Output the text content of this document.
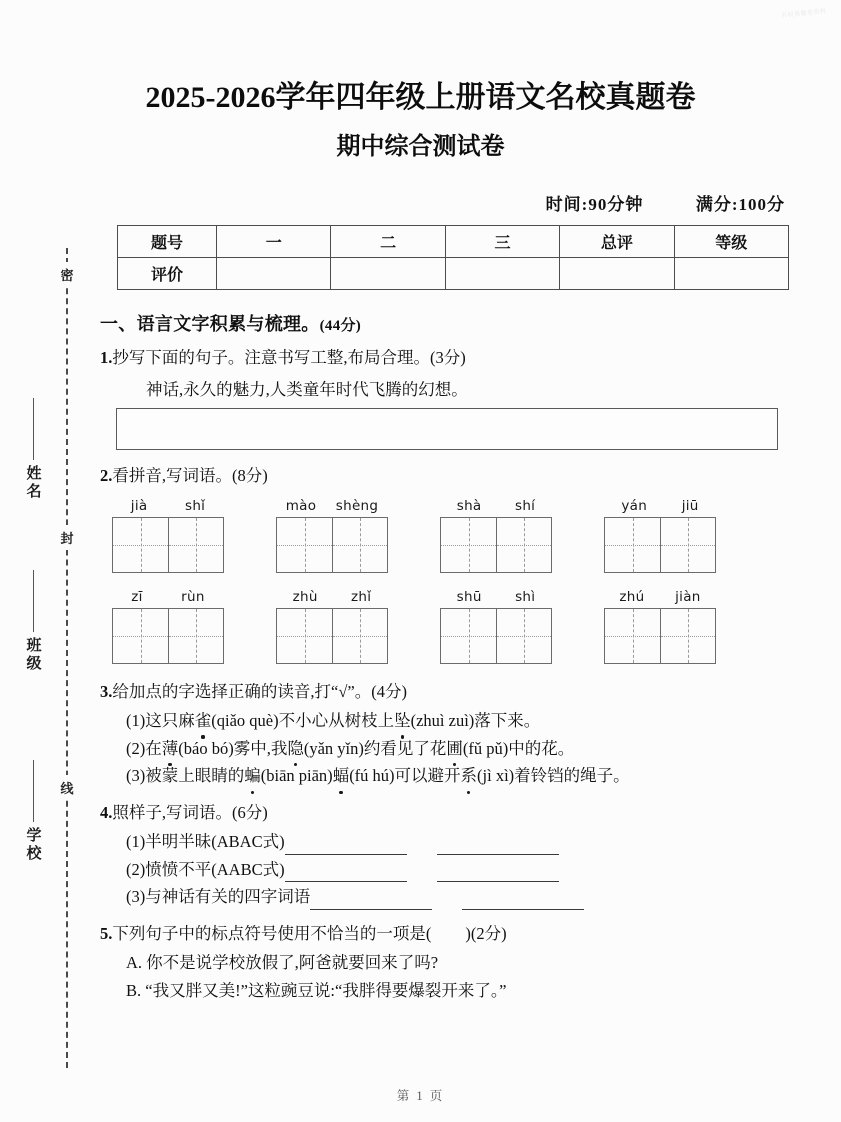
名校真题卷资料
密
封
线
姓名
班级
学校
2025-2026学年四年级上册语文名校真题卷
期中综合测试卷
时间:90分钟	满分:100分
题号	一	二	三	总评	等级
评价					
一、语言文字积累与梳理。(44分)
1.抄写下面的句子。注意书写工整,布局合理。(3分)
神话,永久的魅力,人类童年时代飞腾的幻想。
2.看拼音,写词语。(8分)
jià	shǐ	mào shèng	shà shí	yán	jiū
zī	rùn	zhù zhǐ	shū shì	zhú jiàn
3.给加点的字选择正确的读音,打“√”。(4分)
(1)这只麻雀(qiǎo què)不小心从树枝上坠(zhuì zuì)落下来。
(2)在薄(báo bó)雾中,我隐(yǎn yǐn)约看见了花圃(fǔ pǔ)中的花。
(3)被蒙上眼睛的蝙(biān piān)蝠(fú hú)可以避开系(jì xì)着铃铛的绳子。
4.照样子,写词语。(6分)
(1)半明半昧(ABAC式)
(2)愤愤不平(AABC式)
(3)与神话有关的四字词语
5.下列句子中的标点符号使用不恰当的一项是( )(2分)
A. 你不是说学校放假了,阿爸就要回来了吗?
B. “我又胖又美!”这粒豌豆说:“我胖得要爆裂开来了。”
第 1 页
